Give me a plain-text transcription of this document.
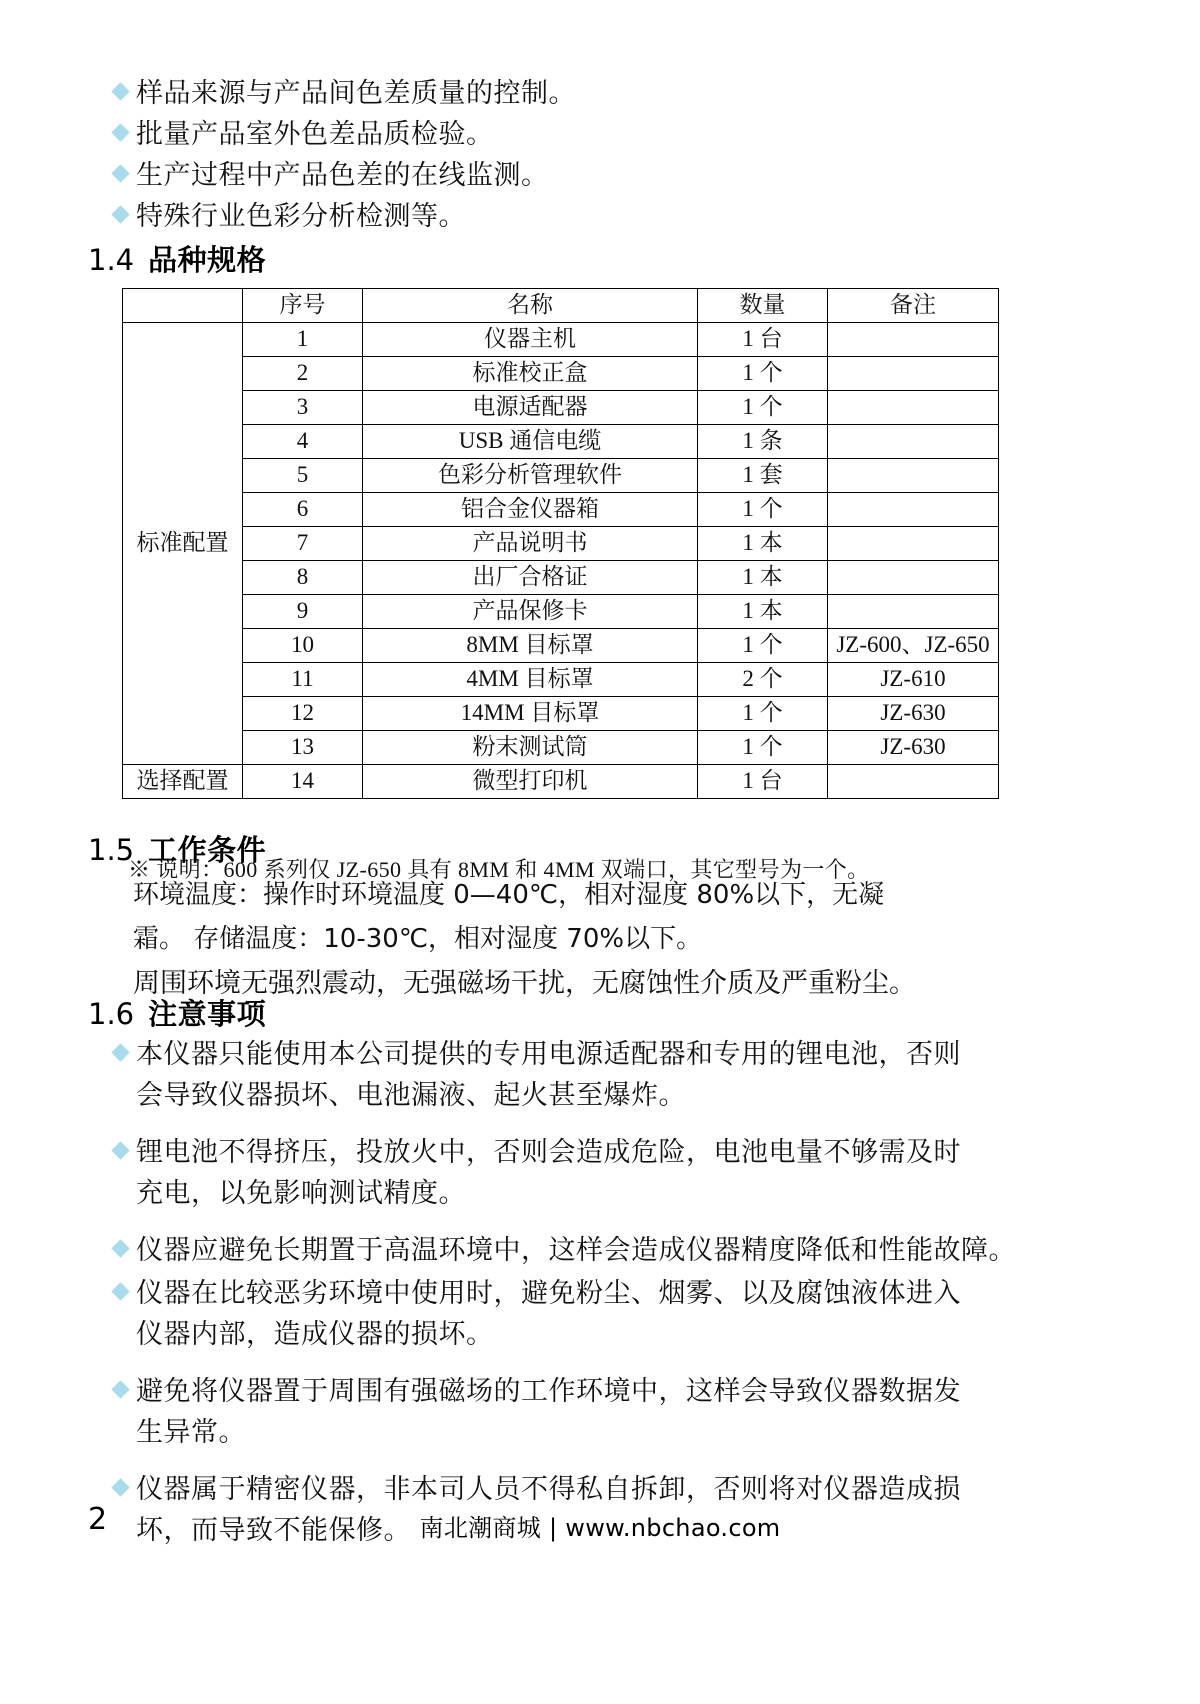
样品来源与产品间色差质量的控制。
批量产品室外色差品质检验。
生产过程中产品色差的在线监测。
特殊行业色彩分析检测等。
1.4 品种规格
	序号	名称	数量	备注
标准配置	1	仪器主机	1 台	
	2	标准校正盒	1 个	
	3	电源适配器	1 个	
	4	USB 通信电缆	1 条	
	5	色彩分析管理软件	1 套	
	6	铝合金仪器箱	1 个	
	7	产品说明书	1 本	
	8	出厂合格证	1 本	
	9	产品保修卡	1 本	
	10	8MM 目标罩	1 个	JZ-600、JZ-650
	11	4MM 目标罩	2 个	JZ-610
	12	14MM 目标罩	1 个	JZ-630
	13	粉末测试筒	1 个	JZ-630
选择配置	14	微型打印机	1 台	
※ 说明：600 系列仅 JZ-650 具有 8MM 和 4MM 双端口，其它型号为一个。
1.5 工作条件
环境温度：操作时环境温度 0—40℃，相对湿度 80%以下，无凝
霜。 存储温度：10-30℃，相对湿度 70%以下。
周围环境无强烈震动，无强磁场干扰，无腐蚀性介质及严重粉尘。
1.6 注意事项
本仪器只能使用本公司提供的专用电源适配器和专用的锂电池，否则
会导致仪器损坏、电池漏液、起火甚至爆炸。
锂电池不得挤压，投放火中，否则会造成危险，电池电量不够需及时
充电，以免影响测试精度。
仪器应避免长期置于高温环境中，这样会造成仪器精度降低和性能故障。
仪器在比较恶劣环境中使用时，避免粉尘、烟雾、以及腐蚀液体进入
仪器内部，造成仪器的损坏。
避免将仪器置于周围有强磁场的工作环境中，这样会导致仪器数据发
生异常。
仪器属于精密仪器，非本司人员不得私自拆卸，否则将对仪器造成损
坏，而导致不能保修。
2	南北潮商城 | www.nbchao.com
